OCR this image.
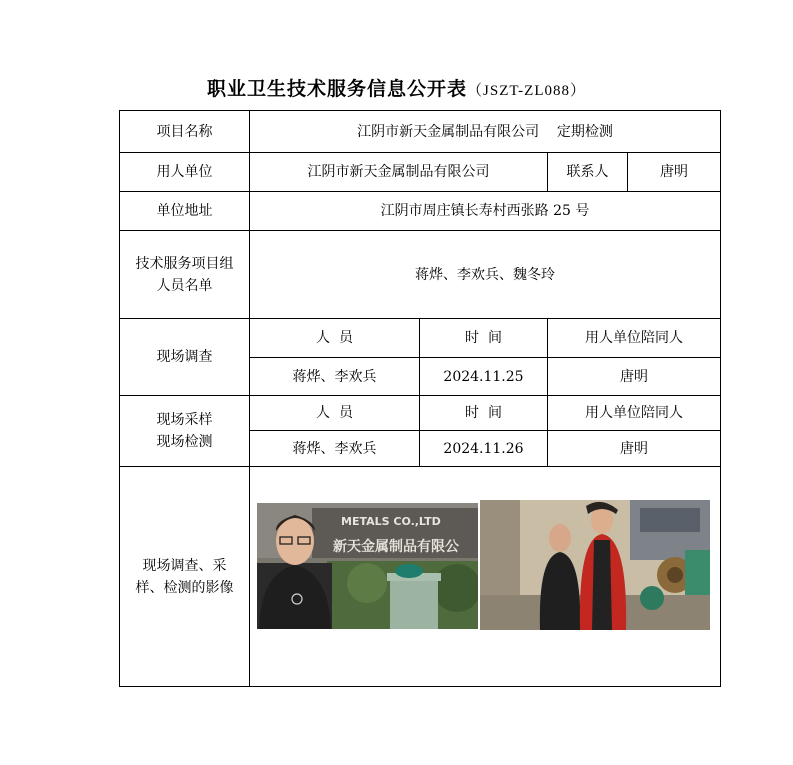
职业卫生技术服务信息公开表（JSZT-ZL088）
项目名称	江阴市新天金属制品有限公司    定期检测			
用人单位	江阴市新天金属制品有限公司		联系人	唐明
单位地址	江阴市周庄镇长寿村西张路 25 号			

技术服务项目组人员名单	蒋烨、李欢兵、魏冬玲			
现场调查	人  员	时  间	用人单位陪同人	
	蒋烨、李欢兵	2024.11.25	唐明	

现场采样现场检测	人  员	时  间	用人单位陪同人	
	蒋烨、李欢兵	2024.11.26	唐明	

现场调查、采样、检测的影像	METALS CO.,LTD
新天金属制品有限公			
